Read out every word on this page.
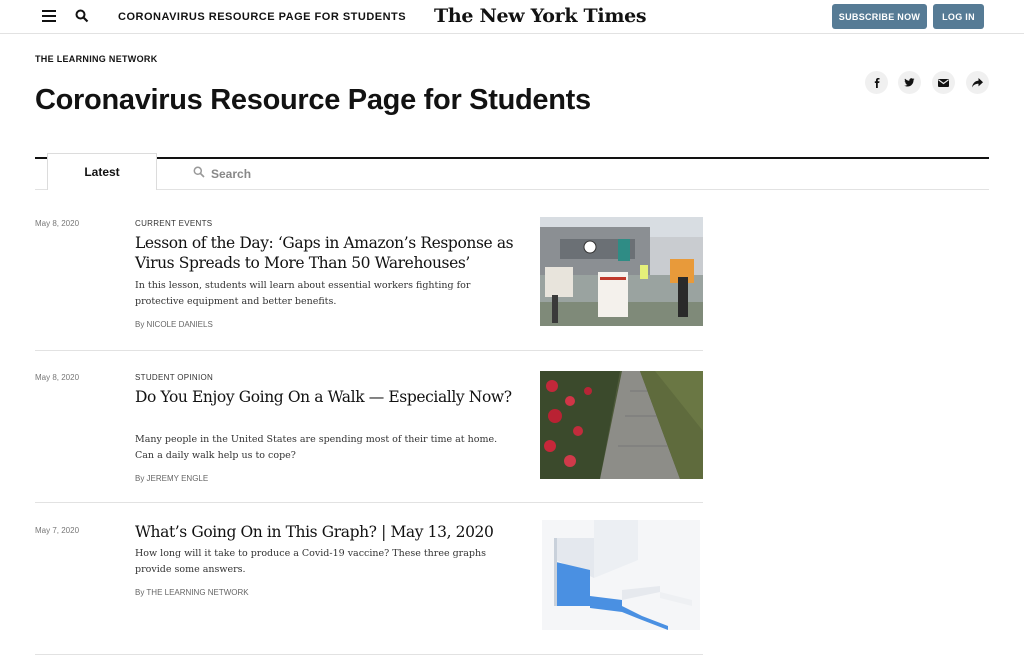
CORONAVIRUS RESOURCE PAGE FOR STUDENTS The New York Times	SUBSCRIBE NOW	LOG IN
THE LEARNING NETWORK
Coronavirus Resource Page for Students
Latest	Search
May 8, 2020	CURRENT EVENTS
Lesson of the Day: ‘Gaps in Amazon’s Response as Virus Spreads to More Than 50 Warehouses’
In this lesson, students will learn about essential workers fighting for protective equipment and better benefits.
By NICOLE DANIELS
May 8, 2020	STUDENT OPINION
Do You Enjoy Going On a Walk — Especially Now?
Many people in the United States are spending most of their time at home. Can a daily walk help us to cope?
By JEREMY ENGLE
May 7, 2020	What’s Going On in This Graph? | May 13, 2020
How long will it take to produce a Covid-19 vaccine? These three graphs provide some answers.
By THE LEARNING NETWORK
